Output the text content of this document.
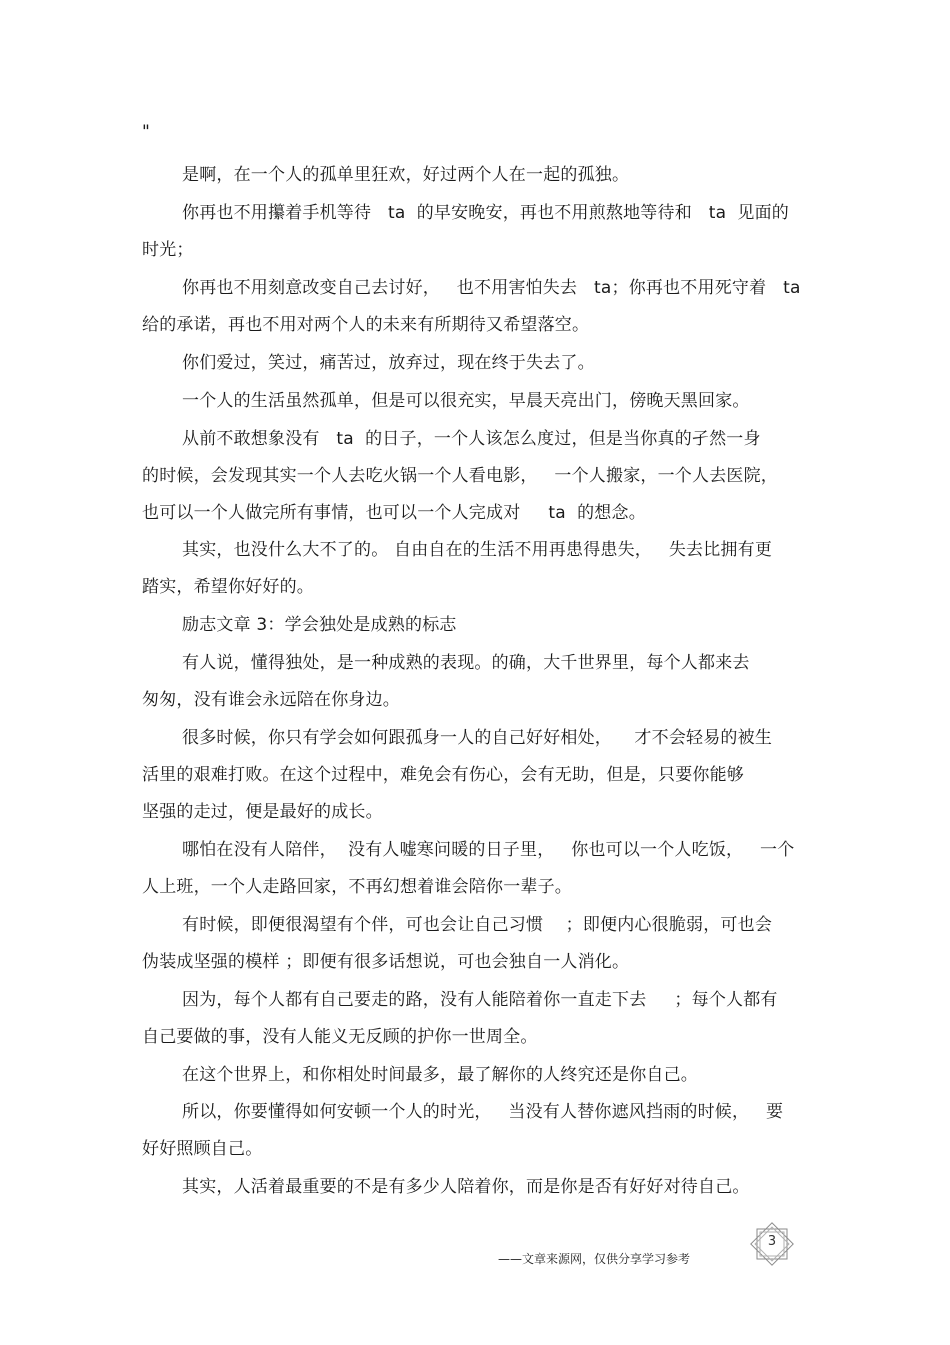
"
是啊，在一个人的孤单里狂欢，好过两个人在一起的孤独。
你再也不用攥着手机等待   ta  的早安晚安，再也不用煎熬地等待和   ta  见面的
时光；
你再也不用刻意改变自己去讨好，   也不用害怕失去   ta；你再也不用死守着   ta
给的承诺，再也不用对两个人的未来有所期待又希望落空。
你们爱过，笑过，痛苦过，放弃过，现在终于失去了。
一个人的生活虽然孤单，但是可以很充实，早晨天亮出门，傍晚天黑回家。
从前不敢想象没有   ta  的日子，一个人该怎么度过，但是当你真的孑然一身
的时候，会发现其实一个人去吃火锅一个人看电影，   一个人搬家，一个人去医院，
也可以一个人做完所有事情，也可以一个人完成对     ta  的想念。
其实，也没什么大不了的。 自由自在的生活不用再患得患失，   失去比拥有更
踏实，希望你好好的。
励志文章 3：学会独处是成熟的标志
有人说，懂得独处，是一种成熟的表现。的确，大千世界里，每个人都来去
匆匆，没有谁会永远陪在你身边。
很多时候，你只有学会如何跟孤身一人的自己好好相处，    才不会轻易的被生
活里的艰难打败。在这个过程中，难免会有伤心，会有无助，但是，只要你能够
坚强的走过，便是最好的成长。
哪怕在没有人陪伴，  没有人嘘寒问暖的日子里，   你也可以一个人吃饭，   一个
人上班，一个人走路回家，不再幻想着谁会陪你一辈子。
有时候，即便很渴望有个伴，可也会让自己习惯    ；即便内心很脆弱，可也会
伪装成坚强的模样 ；即便有很多话想说，可也会独自一人消化。
因为，每个人都有自己要走的路，没有人能陪着你一直走下去     ；每个人都有
自己要做的事，没有人能义无反顾的护你一世周全。
在这个世界上，和你相处时间最多，最了解你的人终究还是你自己。
所以，你要懂得如何安顿一个人的时光，   当没有人替你遮风挡雨的时候，   要
好好照顾自己。
其实，人活着最重要的不是有多少人陪着你，而是你是否有好好对待自己。
3
——文章来源网，仅供分享学习参考
